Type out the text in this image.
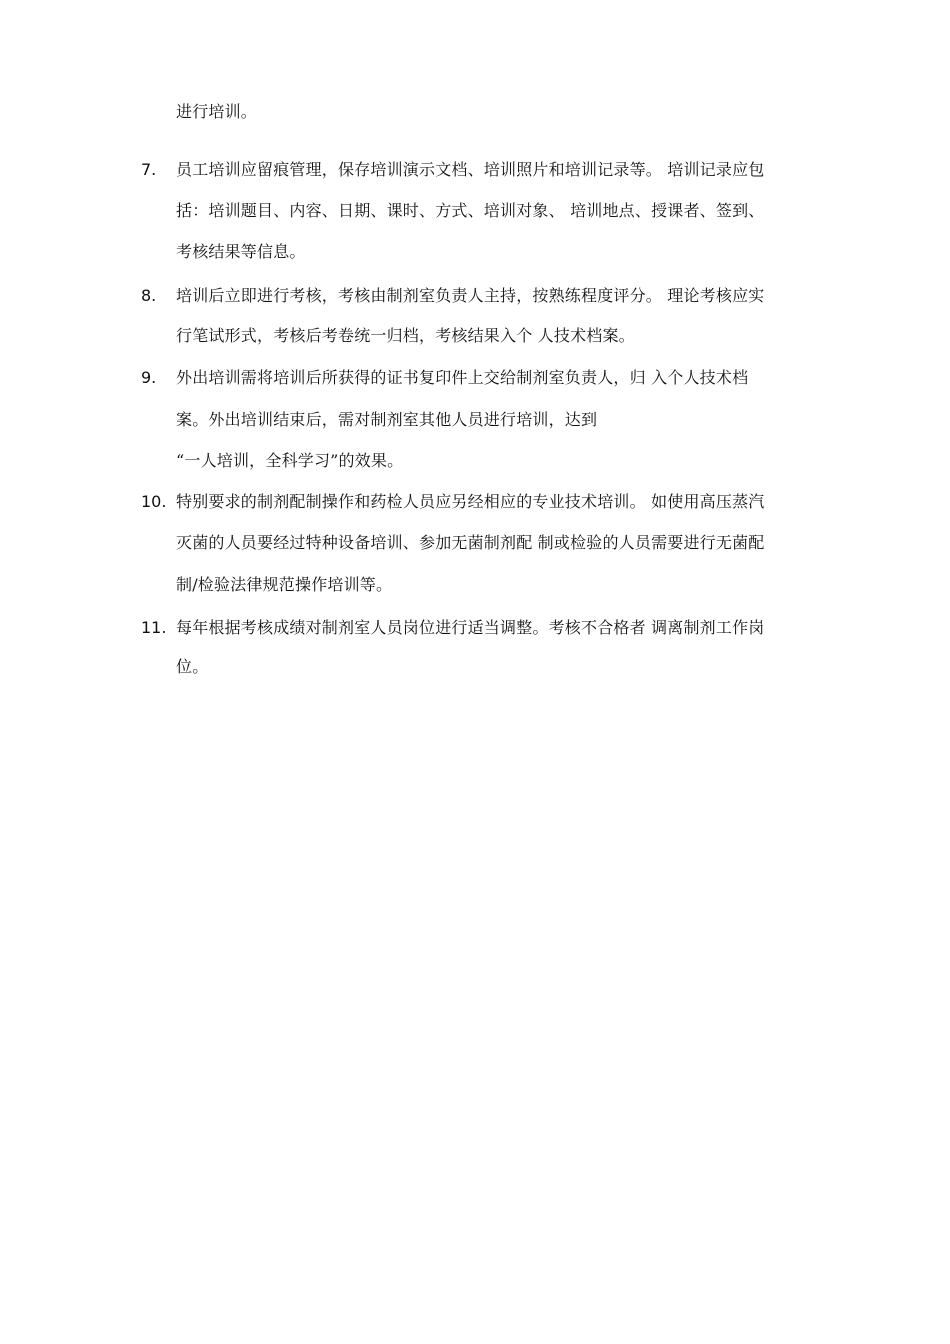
进行培训。
7. 员工培训应留痕管理，保存培训演示文档、培训照片和培训记录等。 培训记录应包
括：培训题目、内容、日期、课时、方式、培训对象、 培训地点、授课者、签到、
考核结果等信息。
8. 培训后立即进行考核，考核由制剂室负责人主持，按熟练程度评分。 理论考核应实
行笔试形式，考核后考卷统一归档，考核结果入个 人技术档案。
9. 外出培训需将培训后所获得的证书复印件上交给制剂室负责人，归 入个人技术档
案。外出培训结束后，需对制剂室其他人员进行培训，达到
“一人培训，全科学习”的效果。
10. 特别要求的制剂配制操作和药检人员应另经相应的专业技术培训。 如使用高压蒸汽
灭菌的人员要经过特种设备培训、参加无菌制剂配 制或检验的人员需要进行无菌配
制/检验法律规范操作培训等。
11. 每年根据考核成绩对制剂室人员岗位进行适当调整。考核不合格者 调离制剂工作岗
位。
